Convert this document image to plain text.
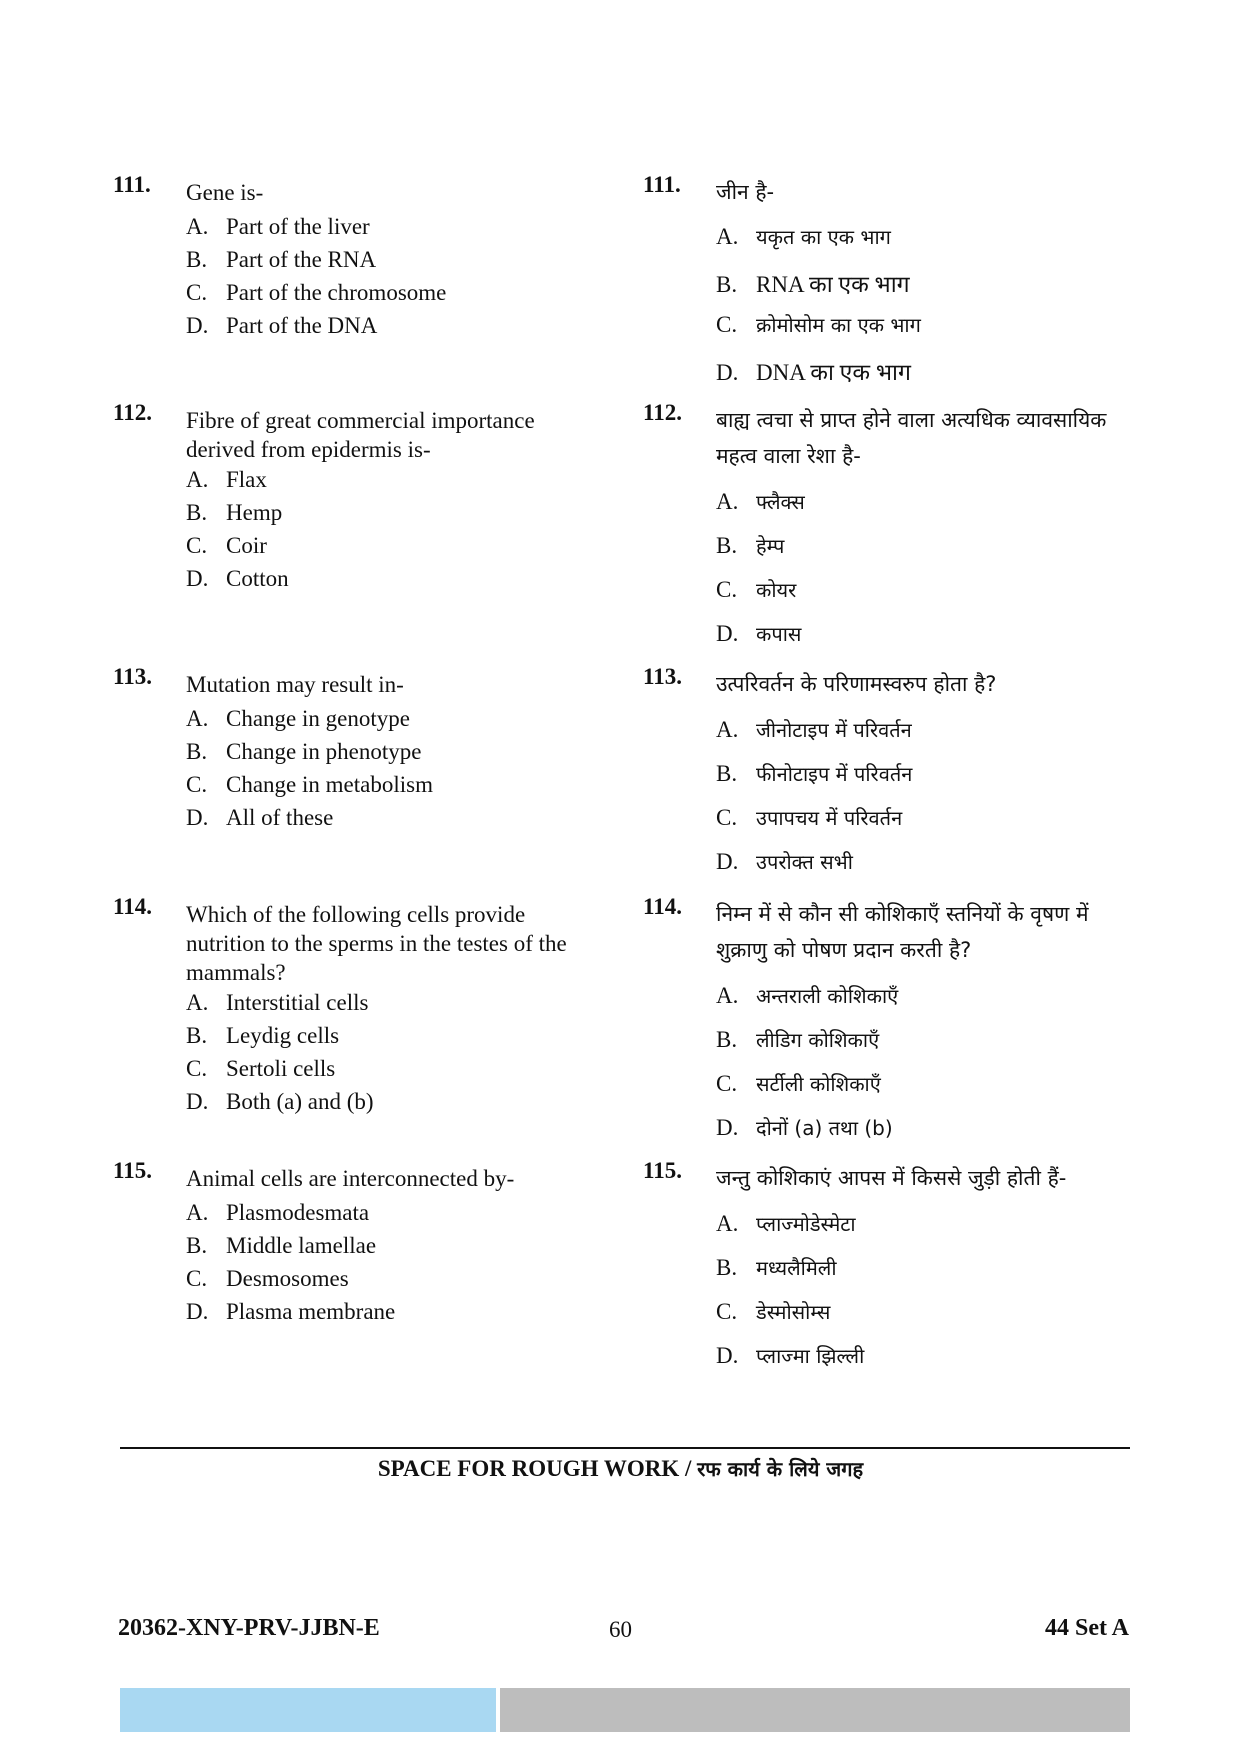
111. Gene is-
A. Part of the liver
B. Part of the RNA
C. Part of the chromosome
D. Part of the DNA
112. Fibre of great commercial importance derived from epidermis is-
A. Flax
B. Hemp
C. Coir
D. Cotton
113. Mutation may result in-
A. Change in genotype
B. Change in phenotype
C. Change in metabolism
D. All of these
114. Which of the following cells provide nutrition to the sperms in the testes of the mammals?
A. Interstitial cells
B. Leydig cells
C. Sertoli cells
D. Both (a) and (b)
115. Animal cells are interconnected by-
A. Plasmodesmata
B. Middle lamellae
C. Desmosomes
D. Plasma membrane
111. जीन है-
A. यकृत का एक भाग
B. RNA का एक भाग
C. क्रोमोसोम का एक भाग
D. DNA का एक भाग
112. बाह्य त्वचा से प्राप्त होने वाला अत्यधिक व्यावसायिक महत्व वाला रेशा है-
A. फ्लैक्स
B. हेम्प
C. कोयर
D. कपास
113. उत्परिवर्तन के परिणामस्वरुप होता है?
A. जीनोटाइप में परिवर्तन
B. फीनोटाइप में परिवर्तन
C. उपापचय में परिवर्तन
D. उपरोक्त सभी
114. निम्न में से कौन सी कोशिकाएँ स्तनियों के वृषण में शुक्राणु को पोषण प्रदान करती है?
A. अन्तराली कोशिकाएँ
B. लीडिग कोशिकाएँ
C. सर्टीली कोशिकाएँ
D. दोनों (a) तथा (b)
115. जन्तु कोशिकाएं आपस में किससे जुड़ी होती हैं-
A. प्लाज्मोडेस्मेटा
B. मध्यलैमिली
C. डेस्मोसोम्स
D. प्लाज्मा झिल्ली
SPACE FOR ROUGH WORK / रफ कार्य के लिये जगह
20362-XNY-PRV-JJBN-E	60	44 Set A
